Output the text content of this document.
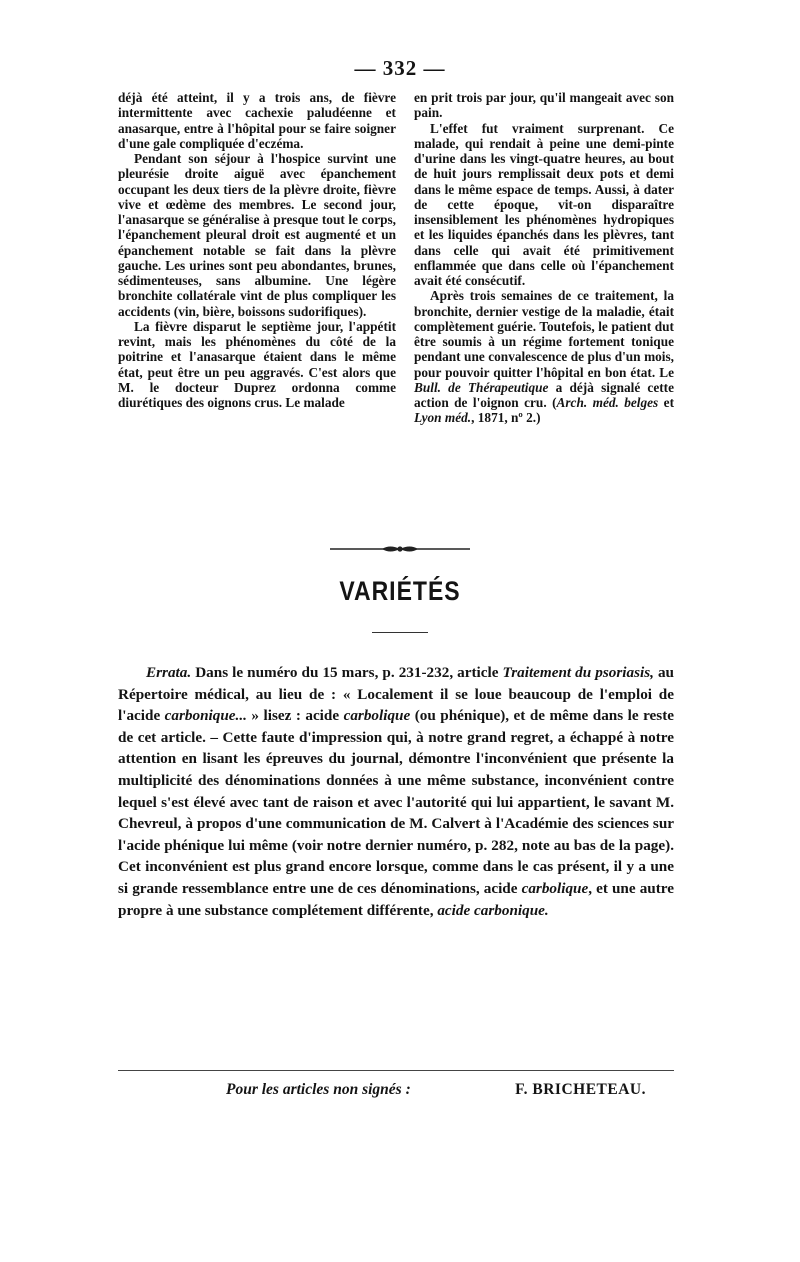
— 332 —

déjà été atteint, il y a trois ans, de fièvre intermittente avec cachexie paludéenne et anasarque, entre à l'hôpital pour se faire soigner d'une gale compliquée d'eczéma.

Pendant son séjour à l'hospice survint une pleurésie droite aiguë avec épanchement occupant les deux tiers de la plèvre droite, fièvre vive et œdème des membres. Le second jour, l'anasarque se généralise à presque tout le corps, l'épanchement pleural droit est augmenté et un épanchement notable se fait dans la plèvre gauche. Les urines sont peu abondantes, brunes, sédimenteuses, sans albumine. Une légère bronchite collatérale vint de plus compliquer les accidents (vin, bière, boissons sudorifiques).

La fièvre disparut le septième jour, l'appétit revint, mais les phénomènes du côté de la poitrine et l'anasarque étaient dans le même état, peut être un peu aggravés. C'est alors que M. le docteur Duprez ordonna comme diurétiques des oignons crus. Le malade

en prit trois par jour, qu'il mangeait avec son pain.

L'effet fut vraiment surprenant. Ce malade, qui rendait à peine une demi-pinte d'urine dans les vingt-quatre heures, au bout de huit jours remplissait deux pots et demi dans le même espace de temps. Aussi, à dater de cette époque, vit-on disparaître insensiblement les phénomènes hydropiques et les liquides épanchés dans les plèvres, tant dans celle qui avait été primitivement enflammée que dans celle où l'épanchement avait été consécutif.

Après trois semaines de ce traitement, la bronchite, dernier vestige de la maladie, était complètement guérie. Toutefois, le patient dut être soumis à un régime fortement tonique pendant une convalescence de plus d'un mois, pour pouvoir quitter l'hôpital en bon état. Le Bull. de Thérapeutique a déjà signalé cette action de l'oignon cru. (Arch. méd. belges et Lyon méd., 1871, nº 2.)

VARIÉTÉS

Errata. Dans le numéro du 15 mars, p. 231-232, article Traitement du psoriasis, au Répertoire médical, au lieu de : « Localement il se loue beaucoup de l'emploi de l'acide carbonique... » lisez : acide carbolique (ou phénique), et de même dans le reste de cet article. – Cette faute d'impression qui, à notre grand regret, a échappé à notre attention en lisant les épreuves du journal, démontre l'inconvénient que présente la multiplicité des dénominations données à une même substance, inconvénient contre lequel s'est élevé avec tant de raison et avec l'autorité qui lui appartient, le savant M. Chevreul, à propos d'une communication de M. Calvert à l'Académie des sciences sur l'acide phénique lui même (voir notre dernier numéro, p. 282, note au bas de la page). Cet inconvénient est plus grand encore lorsque, comme dans le cas présent, il y a une si grande ressemblance entre une de ces dénominations, acide carbolique, et une autre propre à une substance complétement différente, acide carbonique.

Pour les articles non signés :	F. BRICHETEAU.
